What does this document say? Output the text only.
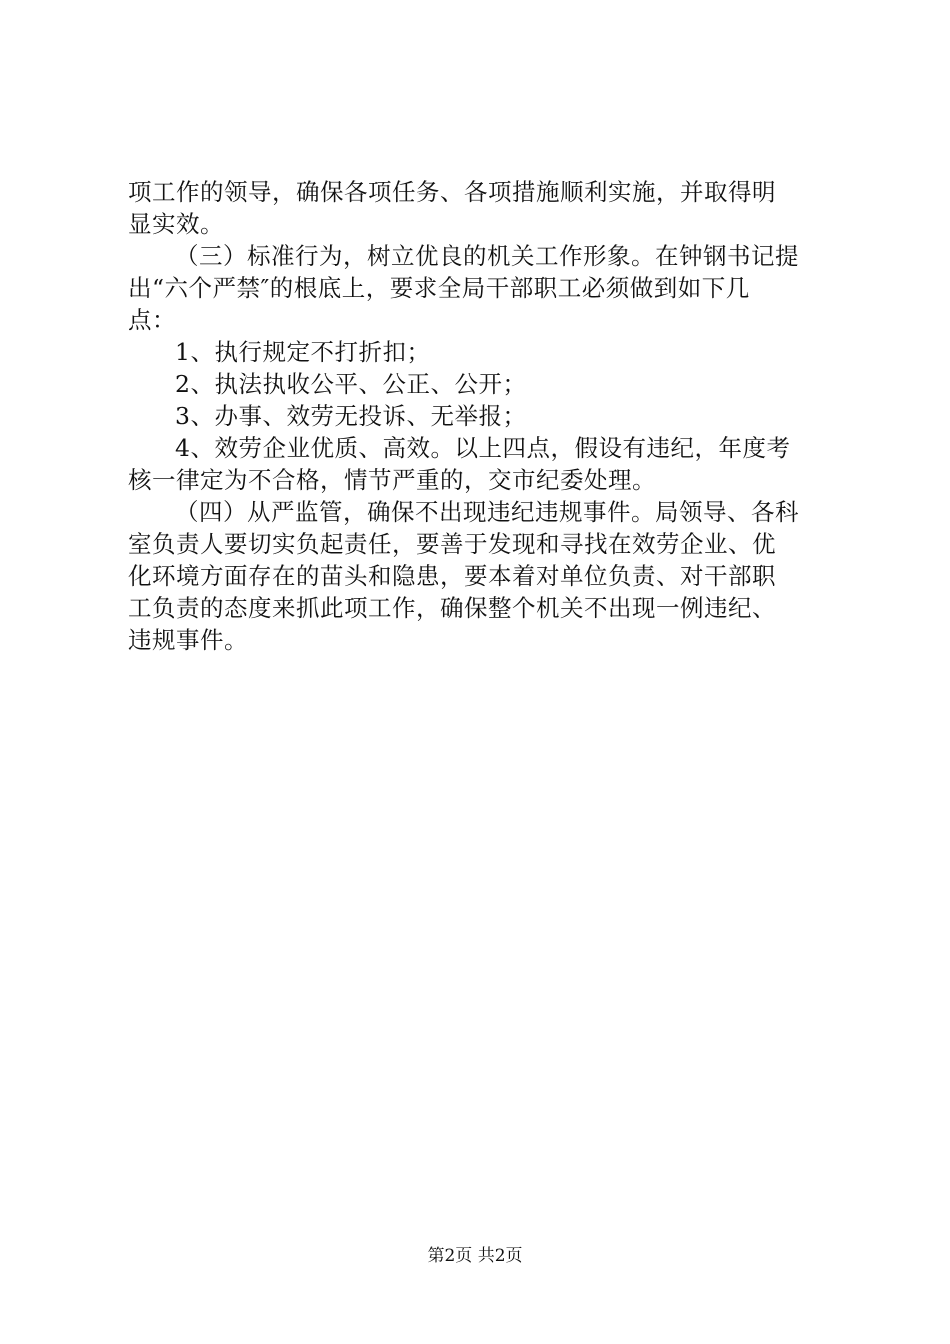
项工作的领导，确保各项任务、各项措施顺利实施，并取得明
显实效。
（三）标准行为，树立优良的机关工作形象。在钟钢书记提
出“六个严禁″的根底上，要求全局干部职工必须做到如下几
点：
1、执行规定不打折扣；
2、执法执收公平、公正、公开；
3、办事、效劳无投诉、无举报；
4、效劳企业优质、高效。以上四点，假设有违纪，年度考
核一律定为不合格，情节严重的，交市纪委处理。
（四）从严监管，确保不出现违纪违规事件。局领导、各科
室负责人要切实负起责任，要善于发现和寻找在效劳企业、优
化环境方面存在的苗头和隐患，要本着对单位负责、对干部职
工负责的态度来抓此项工作，确保整个机关不出现一例违纪、
违规事件。
第2页 共2页
